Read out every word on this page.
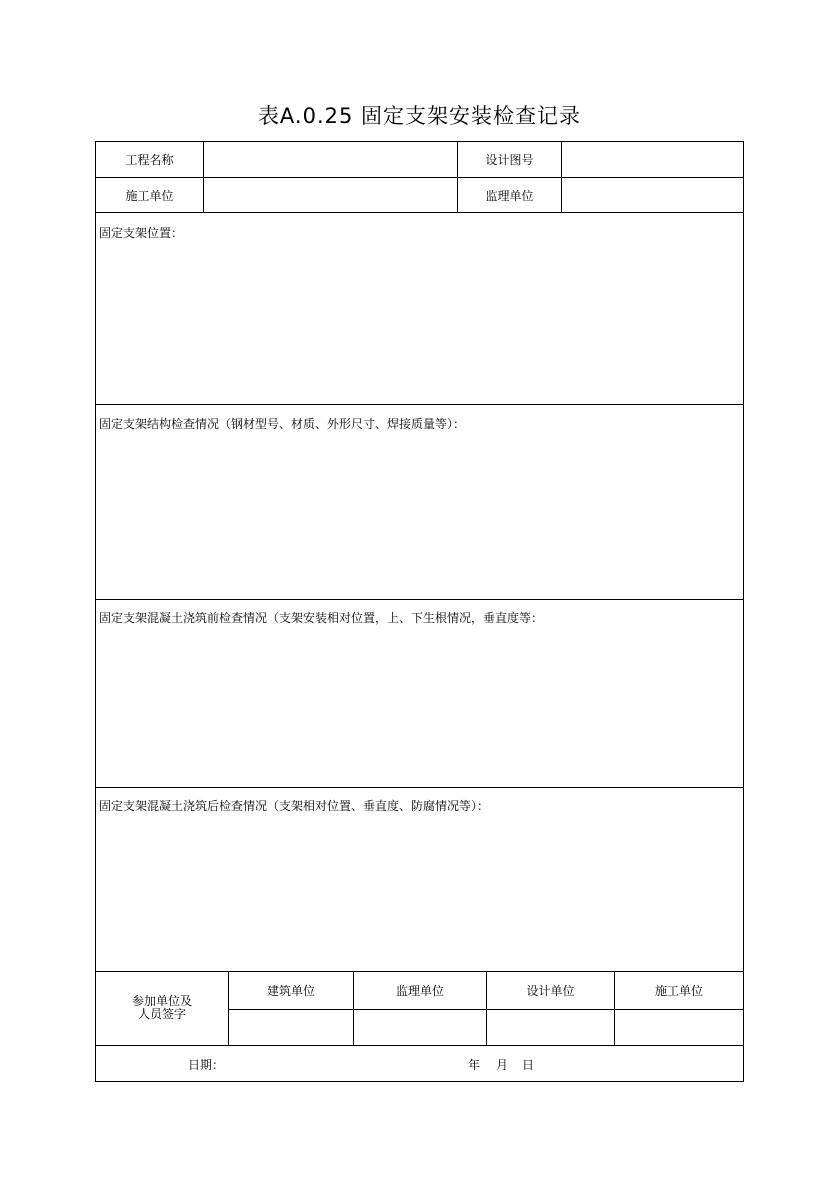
表A.0.25 固定支架安装检查记录
工程名称	设计图号
施工单位	监理单位
固定支架位置：
固定支架结构检查情况（钢材型号、材质、外形尺寸、焊接质量等）：
固定支架混凝土浇筑前检查情况（支架安装相对位置，上、下生根情况，垂直度等：
固定支架混凝土浇筑后检查情况（支架相对位置、垂直度、防腐情况等）：
参加单位及
人员签字
建筑单位	监理单位	设计单位	施工单位
日期：	年 月 日
